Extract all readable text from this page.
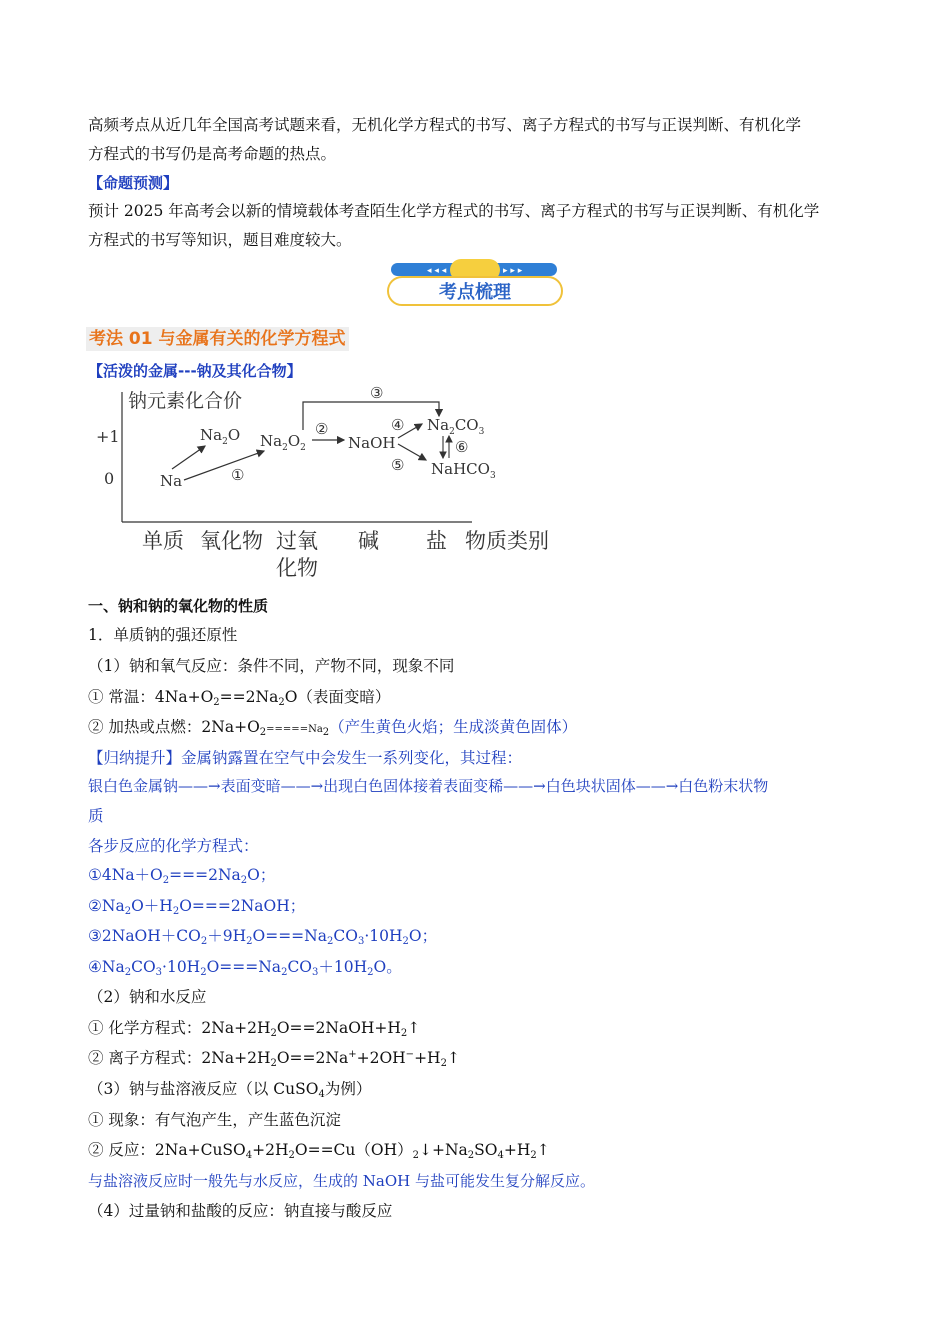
高频考点从近几年全国高考试题来看，无机化学方程式的书写、离子方程式的书写与正误判断、有机化学
方程式的书写仍是高考命题的热点。
【命题预测】
预计 2025 年高考会以新的情境载体考查陌生化学方程式的书写、离子方程式的书写与正误判断、有机化学
方程式的书写等知识，题目难度较大。
◂ ◂ ◂	▸ ▸ ▸
考点梳理
考法 01 与金属有关的化学方程式
【活泼的金属---钠及其化合物】
钠元素化合价
+1
0
单质 氧化物 过氧
化物
碱 盐 物质类别
Na
$Na_2O$ $Na_2O_2$	NaOH
$Na_2CO_3$
NaHCO$_3$
①
②
③
④
⑤
⑥
一、钠和钠的氧化物的性质
1．单质钠的强还原性
（1）钠和氧气反应：条件不同，产物不同，现象不同
① 常温：$4Na+O_2==2Na_2O$（表面变暗）
② 加热或点燃：$2Na+O_2=====Na_2$（产生黄色火焰；生成淡黄色固体）
【归纳提升】金属钠露置在空气中会发生一系列变化，其过程：
银白色金属钠——→表面变暗——→出现白色固体接着表面变稀——→白色块状固体——→白色粉末状物
质
各步反应的化学方程式：
$①4Na+O_2===2Na_2O$；
$②Na_2O+H_2O===2NaOH$；
$③2NaOH+CO_2+9H_2O===Na_2CO_3\cdot 10H_2O$；
$④Na_2CO_3\cdot 10H_2O===Na_2CO_3+10H_2O$。
（2）钠和水反应
① 化学方程式：$2Na+2H_2O==2NaOH+H_2↑$
② 离子方程式：$2Na+2H_2O==2Na^++2OH^-+H_2↑$
（3）钠与盐溶液反应（以 CuSO$_4$为例）
① 现象：有气泡产生，产生蓝色沉淀
② 反应：$2Na+CuSO_4+2H_2O==Cu(OH)_2↓+Na_2SO_4+H_2↑$
与盐溶液反应时一般先与水反应，生成的 NaOH 与盐可能发生复分解反应。
（4）过量钠和盐酸的反应：钠直接与酸反应
